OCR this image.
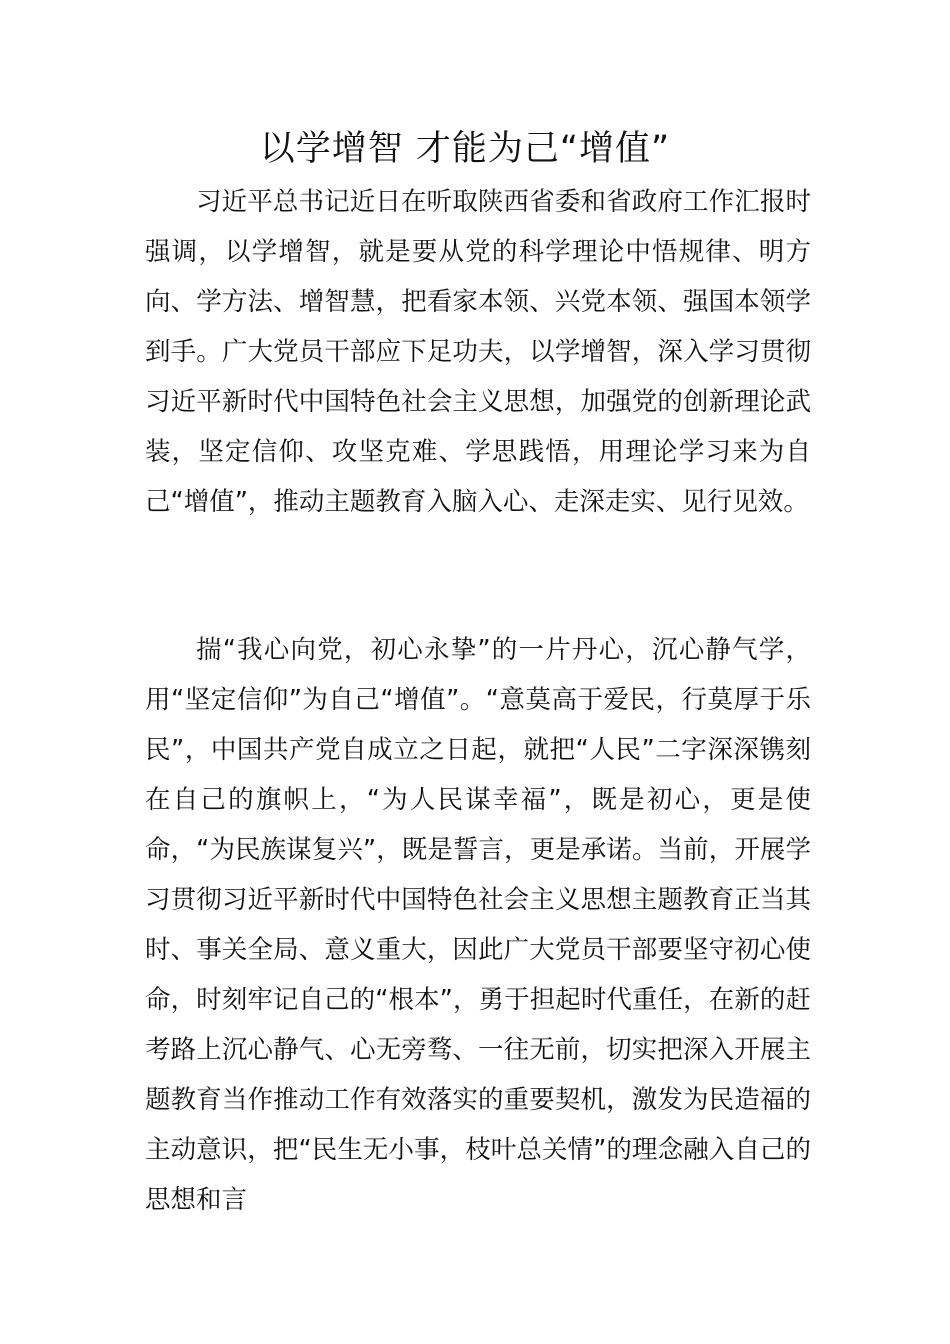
以学增智 才能为己“增值”

习近平总书记近日在听取陕西省委和省政府工作汇报时强调，以学增智，就是要从党的科学理论中悟规律、明方向、学方法、增智慧，把看家本领、兴党本领、强国本领学到手。广大党员干部应下足功夫，以学增智，深入学习贯彻习近平新时代中国特色社会主义思想，加强党的创新理论武装，坚定信仰、攻坚克难、学思践悟，用理论学习来为自己“增值”，推动主题教育入脑入心、走深走实、见行见效。

揣“我心向党，初心永挚”的一片丹心，沉心静气学，用“坚定信仰”为自己“增值”。“意莫高于爱民，行莫厚于乐民”，中国共产党自成立之日起，就把“人民”二字深深镌刻在自己的旗帜上，“为人民谋幸福”，既是初心，更是使命，“为民族谋复兴”，既是誓言，更是承诺。当前，开展学习贯彻习近平新时代中国特色社会主义思想主题教育正当其时、事关全局、意义重大，因此广大党员干部要坚守初心使命，时刻牢记自己的“根本”，勇于担起时代重任，在新的赶考路上沉心静气、心无旁骛、一往无前，切实把深入开展主题教育当作推动工作有效落实的重要契机，激发为民造福的主动意识，把“民生无小事，枝叶总关情”的理念融入自己的思想和言
